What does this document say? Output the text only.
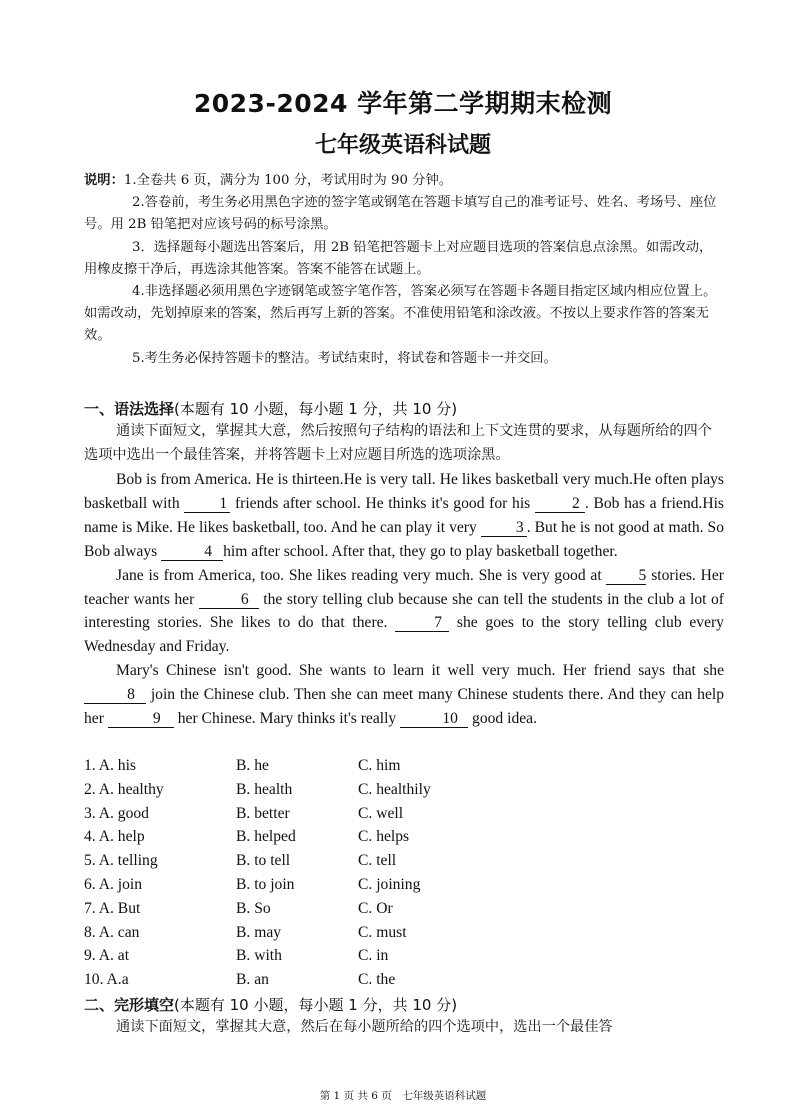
2023-2024 学年第二学期期末检测
七年级英语科试题

说明：1.全卷共 6 页，满分为 100 分，考试用时为 90 分钟。

2.答卷前，考生务必用黑色字迹的签字笔或钢笔在答题卡填写自己的准考证号、姓名、考场号、座位号。用 2B 铅笔把对应该号码的标号涂黑。

3．选择题每小题选出答案后，用 2B 铅笔把答题卡上对应题目选项的答案信息点涂黑。如需改动，用橡皮擦干净后，再选涂其他答案。答案不能答在试题上。

4.非选择题必须用黑色字迹钢笔或签字笔作答，答案必须写在答题卡各题目指定区域内相应位置上。如需改动，先划掉原来的答案，然后再写上新的答案。不准使用铅笔和涂改液。不按以上要求作答的答案无效。

5.考生务必保持答题卡的整洁。考试结束时，将试卷和答题卡一并交回。

一、语法选择(本题有 10 小题，每小题 1 分，共 10 分)
通读下面短文，掌握其大意，然后按照句子结构的语法和上下文连贯的要求，从每题所给的四个选项中选出一个最佳答案，并将答题卡上对应题目所选的选项涂黑。

Bob is from America. He is thirteen.He is very tall. He likes basketball very much.He often plays basketball with	1 friends after school. He thinks it's good for his	2 . Bob has a friend.His name is Mike. He likes basketball, too. And he can play it very	3 . But he is not good at math. So Bob always	4 him after school. After that, they go to play basketball together.

Jane is from America, too. She likes reading very much. She is very good at 5 stories. Her teacher wants her	6 the story telling club because she can tell the students in the club a lot of interesting stories. She likes to do that there.	7 she goes to the story telling club every Wednesday and Friday.

Mary's Chinese isn't good. She wants to learn it well very much. Her friend says that she 8 join the Chinese club. Then she can meet many Chinese students there. And they can help her	9 her Chinese. Mary thinks it's really	10 good idea.

1. A. his	B. he	C. him
2. A. healthy	B. health	C. healthily
3. A. good	B. better	C. well
4. A. help	B. helped	C. helps
5. A. telling	B. to tell	C. tell
6. A. join	B. to join	C. joining
7. A. But	B. So	C. Or
8. A. can	B. may	C. must
9. A. at	B. with	C. in
10. A.a	B. an	C. the
二、完形填空(本题有 10 小题，每小题 1 分，共 10 分)
通读下面短文，掌握其大意，然后在每小题所给的四个选项中，选出一个最佳答
第 1 页 共 6 页　七年级英语科试题
